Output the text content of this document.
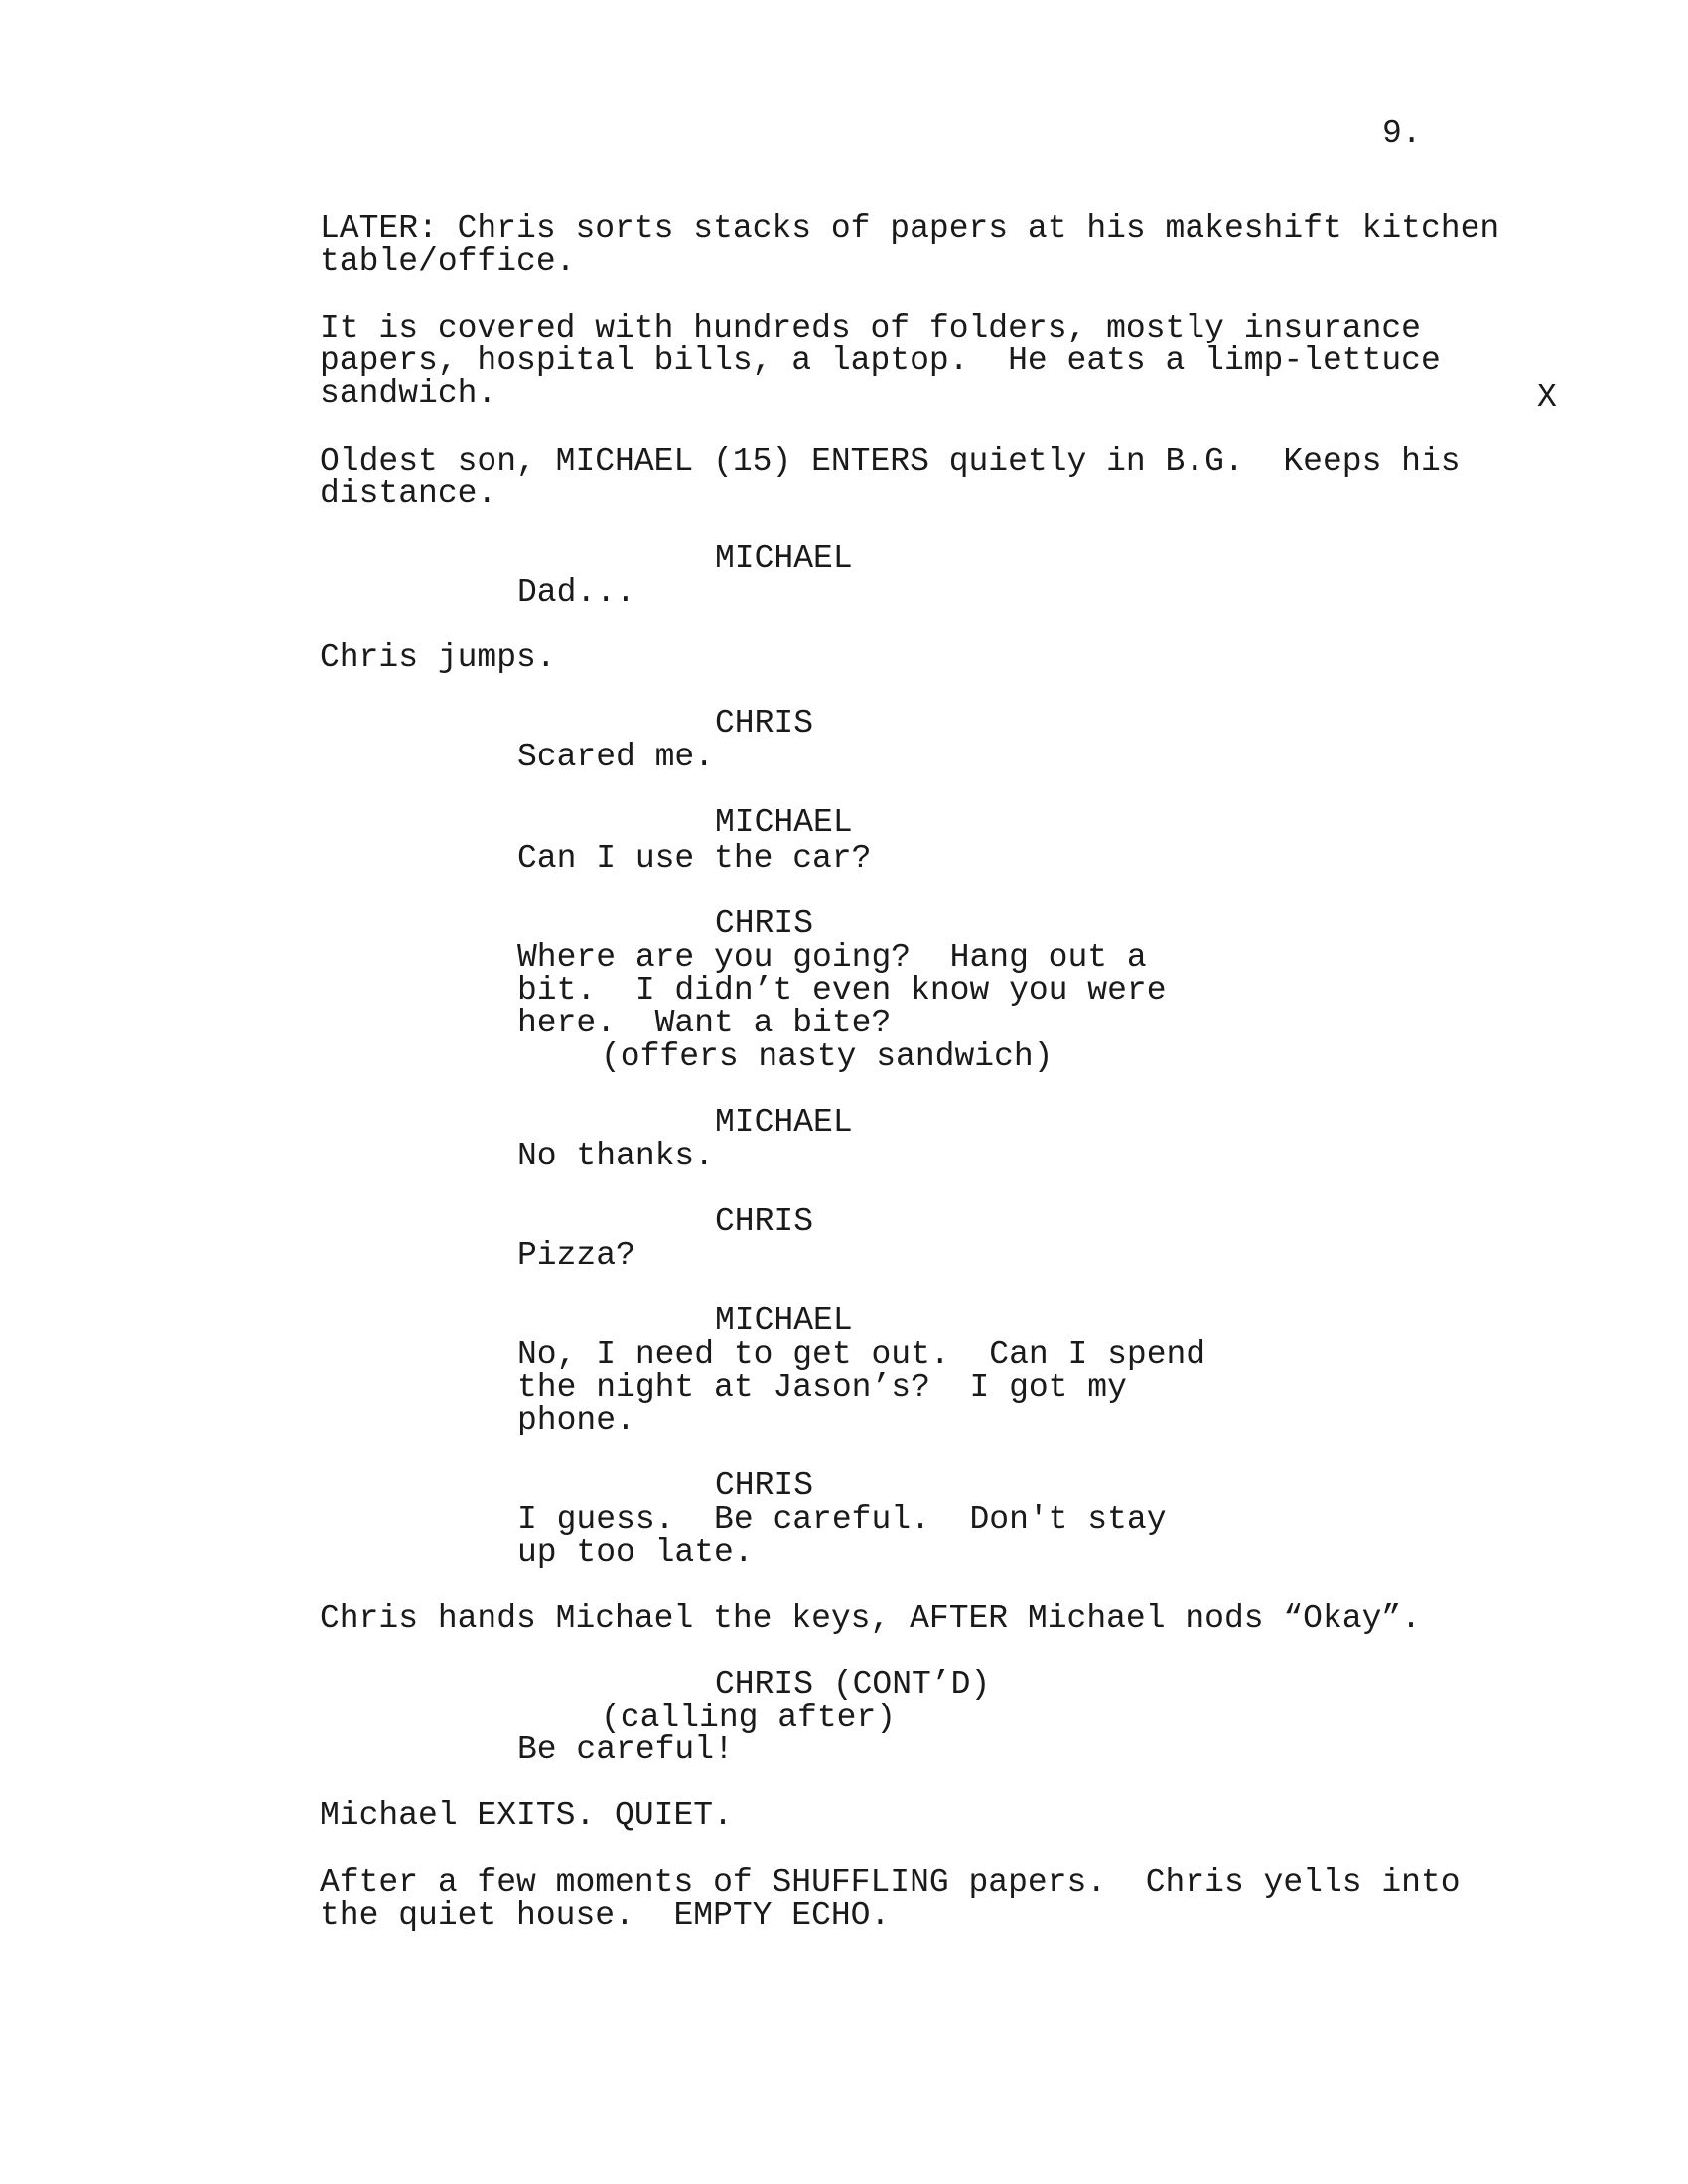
9.
LATER: Chris sorts stacks of papers at his makeshift kitchen
table/office.
It is covered with hundreds of folders, mostly insurance
papers, hospital bills, a laptop.  He eats a limp-lettuce
sandwich.	X
Oldest son, MICHAEL (15) ENTERS quietly in B.G.  Keeps his
distance.
MICHAEL
Dad...
Chris jumps.
CHRIS
Scared me.
MICHAEL
Can I use the car?
CHRIS
Where are you going?  Hang out a
bit.  I didn’t even know you were
here.  Want a bite?
(offers nasty sandwich)
MICHAEL
No thanks.
CHRIS
Pizza?
MICHAEL
No, I need to get out.  Can I spend
the night at Jason’s?  I got my
phone.
CHRIS
I guess.  Be careful.  Don't stay
up too late.
Chris hands Michael the keys, AFTER Michael nods “Okay”.
CHRIS (CONT’D)
(calling after)
Be careful!
Michael EXITS. QUIET.
After a few moments of SHUFFLING papers.  Chris yells into
the quiet house.  EMPTY ECHO.
